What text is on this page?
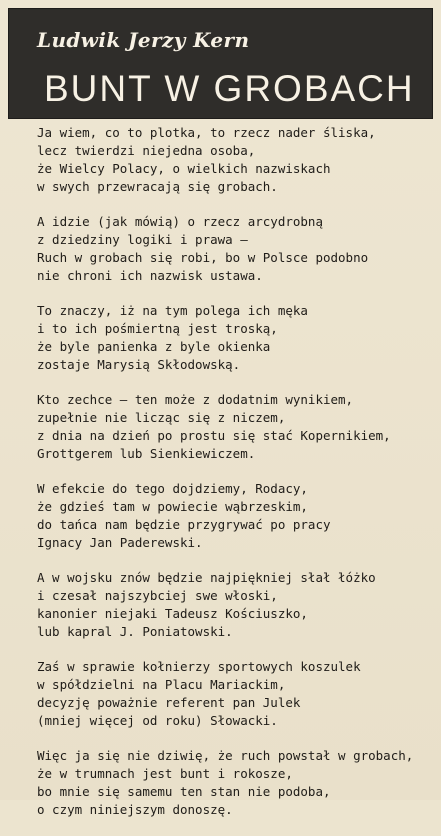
Ludwik Jerzy Kern
BUNT W GROBACH
Ja wiem, co to plotka, to rzecz nader śliska,
lecz twierdzi niejedna osoba,
że Wielcy Polacy, o wielkich nazwiskach
w swych przewracają się grobach.
A idzie (jak mówią) o rzecz arcydrobną
z dziedziny logiki i prawa —
Ruch w grobach się robi, bo w Polsce podobno
nie chroni ich nazwisk ustawa.
To znaczy, iż na tym polega ich męka
i to ich pośmiertną jest troską,
że byle panienka z byle okienka
zostaje Marysią Skłodowską.
Kto zechce — ten może z dodatnim wynikiem,
zupełnie nie licząc się z niczem,
z dnia na dzień po prostu się stać Kopernikiem,
Grottgerem lub Sienkiewiczem.
W efekcie do tego dojdziemy, Rodacy,
że gdzieś tam w powiecie wąbrzeskim,
do tańca nam będzie przygrywać po pracy
Ignacy Jan Paderewski.
A w wojsku znów będzie najpiękniej słał łóżko
i czesał najszybciej swe włoski,
kanonier niejaki Tadeusz Kościuszko,
lub kapral J. Poniatowski.
Zaś w sprawie kołnierzy sportowych koszulek
w spółdzielni na Placu Mariackim,
decyzję poważnie referent pan Julek
(mniej więcej od roku) Słowacki.
Więc ja się nie dziwię, że ruch powstał w grobach,
że w trumnach jest bunt i rokosze,
bo mnie się samemu ten stan nie podoba,
o czym niniejszym donoszę.
